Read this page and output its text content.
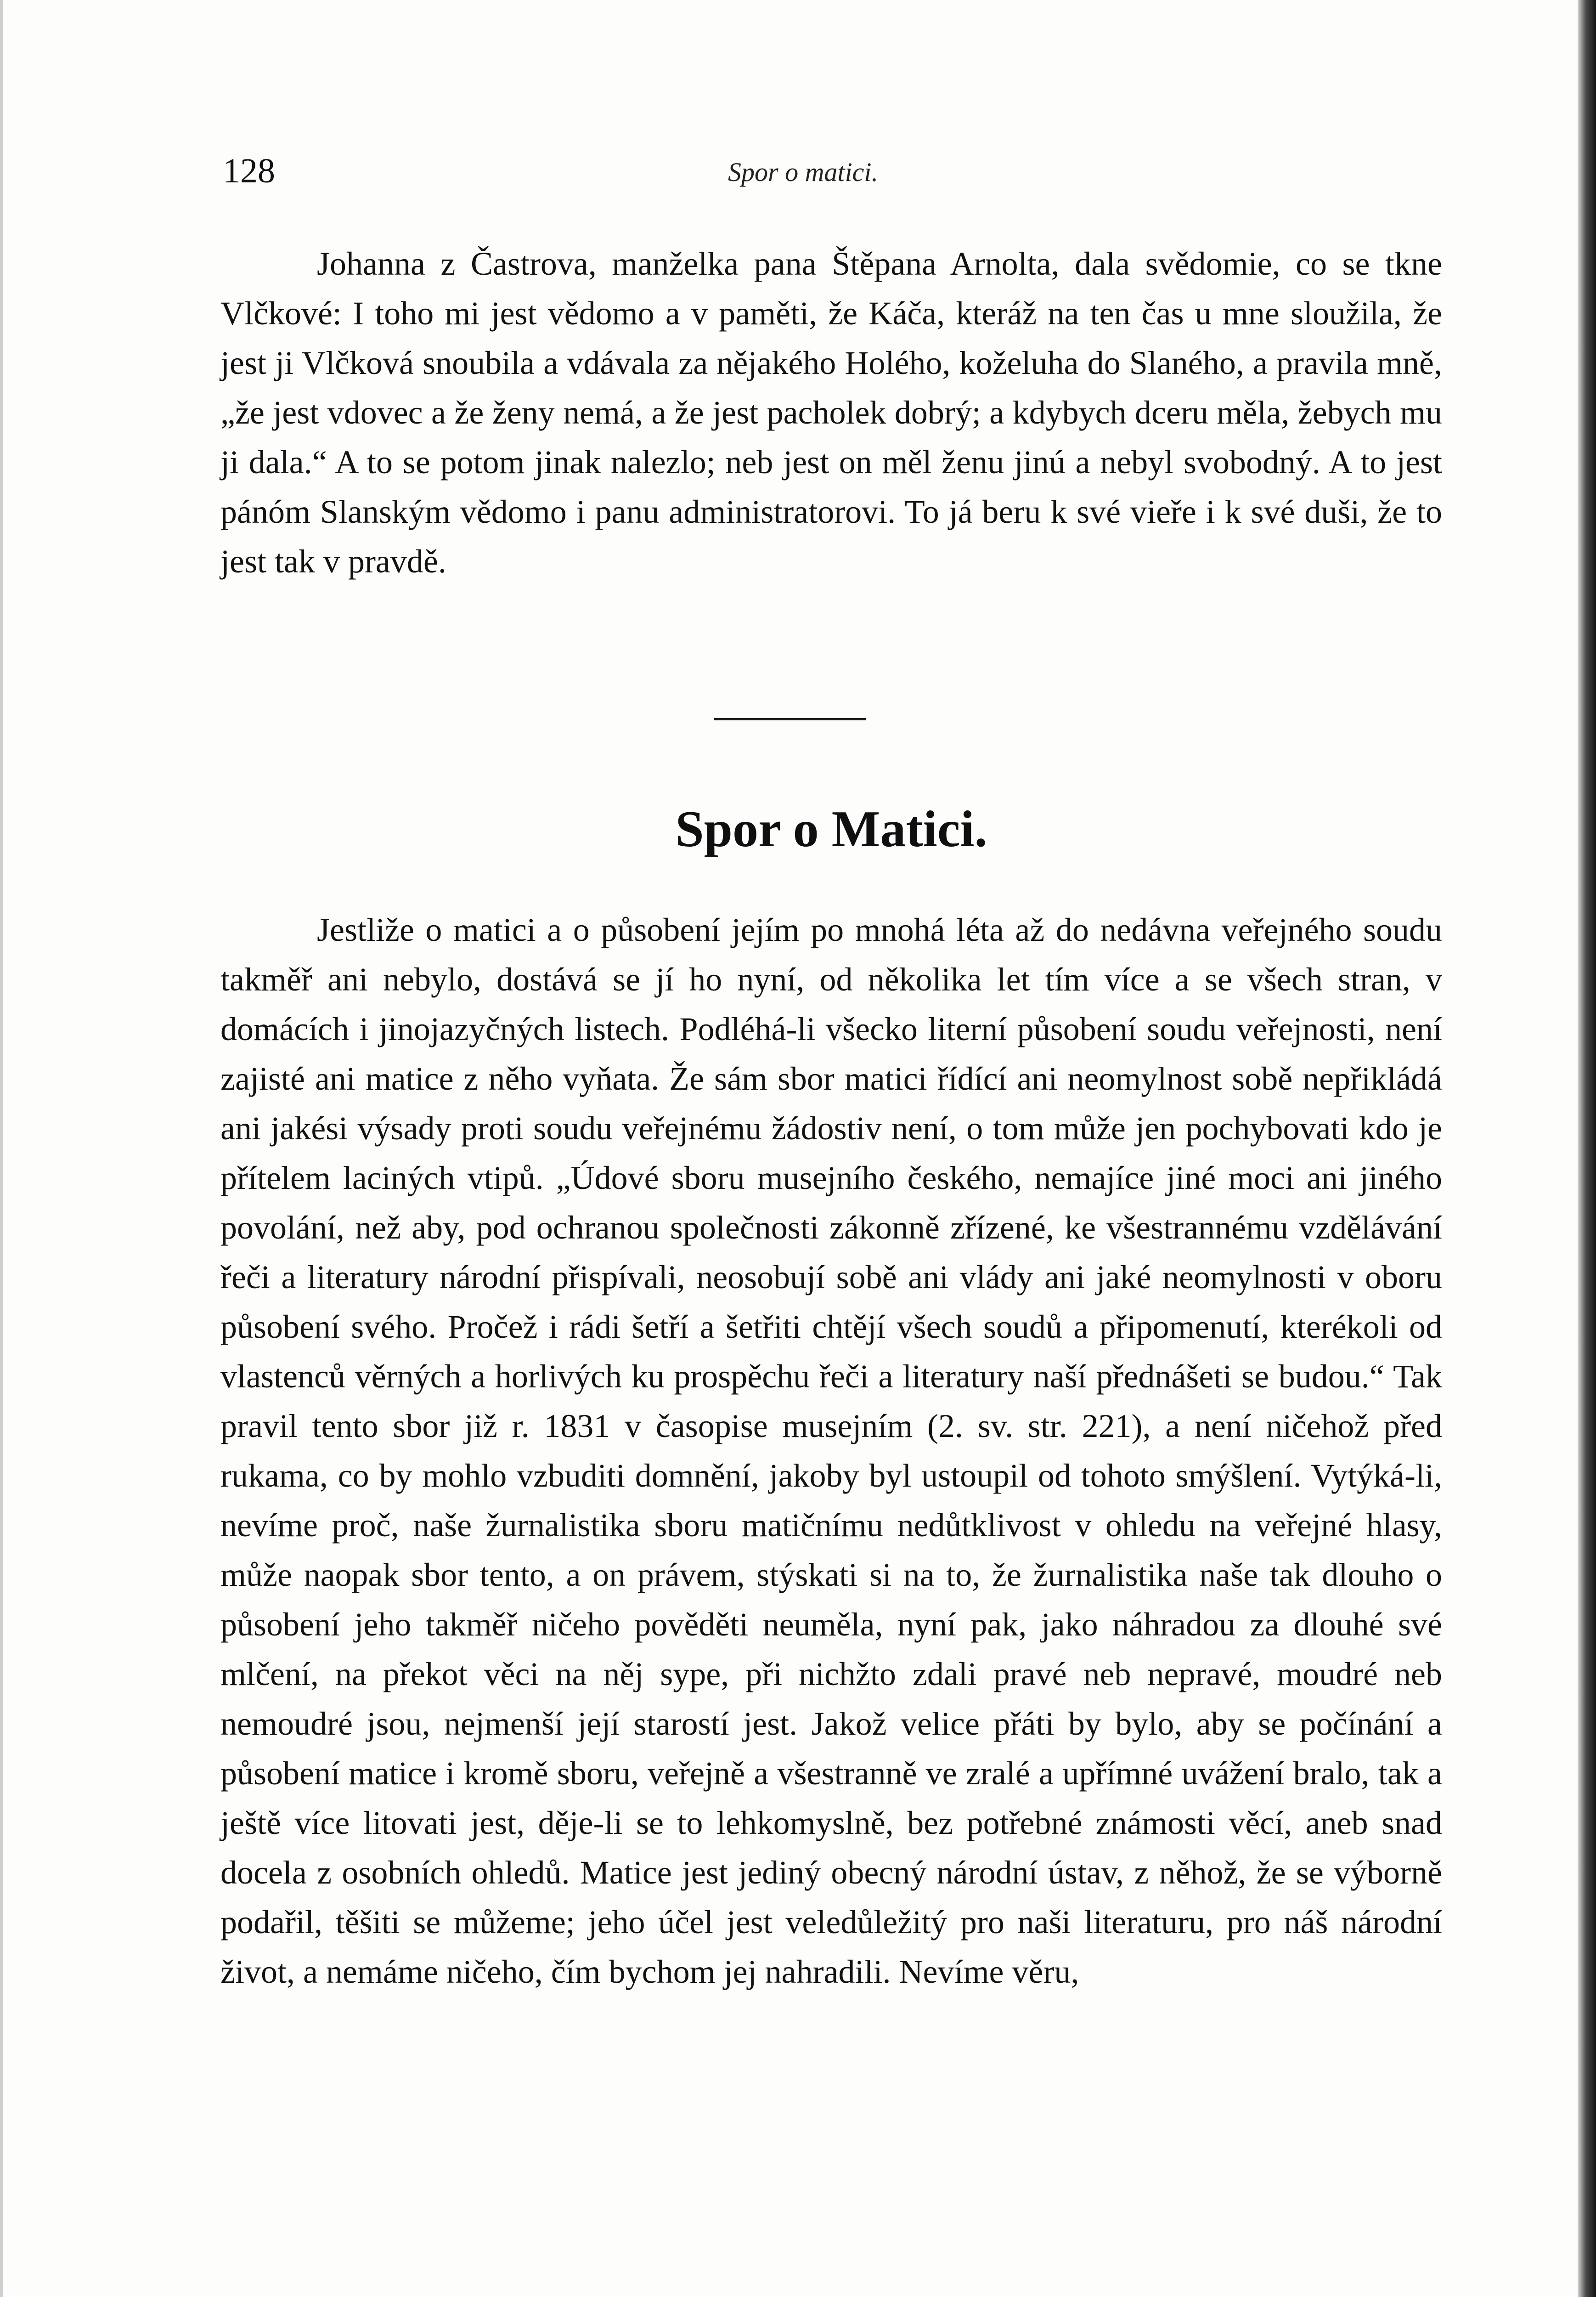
128	Spor o matici.

Johanna z Častrova, manželka pana Štěpana Arnolta, dala svědomie, co se tkne Vlčkové: I toho mi jest vědomo a v paměti, že Káča, kteráž na ten čas u mne sloužila, že jest ji Vlčková snoubila a vdávala za nějakého Holého, koželuha do Slaného, a pravila mně, „že jest vdovec a že ženy nemá, a že jest pacholek dobrý; a kdybych dceru měla, žebych mu ji dala.“ A to se potom jinak nalezlo; neb jest on měl ženu jinú a nebyl svobodný. A to jest pánóm Slanským vědomo i panu administratorovi. To já beru k své vieře i k své duši, že to jest tak v pravdě.

Spor o Matici.

Jestliže o matici a o působení jejím po mnohá léta až do nedávna veřejného soudu takměř ani nebylo, dostává se jí ho nyní, od několika let tím více a se všech stran, v domácích i jinojazyčných listech. Podléhá-li všecko literní působení soudu veřejnosti, není zajisté ani matice z něho vyňata. Že sám sbor matici řídící ani neomylnost sobě nepřikládá ani jakési výsady proti soudu veřejnému žádostiv není, o tom může jen pochybovati kdo je přítelem laciných vtipů. „Údové sboru musejního českého, nemajíce jiné moci ani jiného povolání, než aby, pod ochranou společnosti zákonně zřízené, ke všestrannému vzdělávání řeči a literatury národní přispívali, neosobují sobě ani vlády ani jaké neomylnosti v oboru působení svého. Pročež i rádi šetří a šetřiti chtějí všech soudů a připomenutí, kterékoli od vlastenců věrných a horlivých ku prospěchu řeči a literatury naší přednášeti se budou.“ Tak pravil tento sbor již r. 1831 v časopise musejním (2. sv. str. 221), a není ničehož před rukama, co by mohlo vzbuditi domnění, jakoby byl ustoupil od tohoto smýšlení. Vytýká-li, nevíme proč, naše žurnalistika sboru matičnímu nedůtklivost v ohledu na veřejné hlasy, může naopak sbor tento, a on právem, stýskati si na to, že žurnalistika naše tak dlouho o působení jeho takměř ničeho pověděti neuměla, nyní pak, jako náhradou za dlouhé své mlčení, na překot věci na něj sype, při nichžto zdali pravé neb nepravé, moudré neb nemoudré jsou, nejmenší její starostí jest. Jakož velice přáti by bylo, aby se počínání a působení matice i kromě sboru, veřejně a všestranně ve zralé a upřímné uvážení bralo, tak a ještě více litovati jest, děje-li se to lehkomyslně, bez potřebné známosti věcí, aneb snad docela z osobních ohledů. Matice jest jediný obecný národní ústav, z něhož, že se výborně podařil, těšiti se můžeme; jeho účel jest veledůležitý pro naši literaturu, pro náš národní život, a nemáme ničeho, čím bychom jej nahradili. Nevíme věru,
